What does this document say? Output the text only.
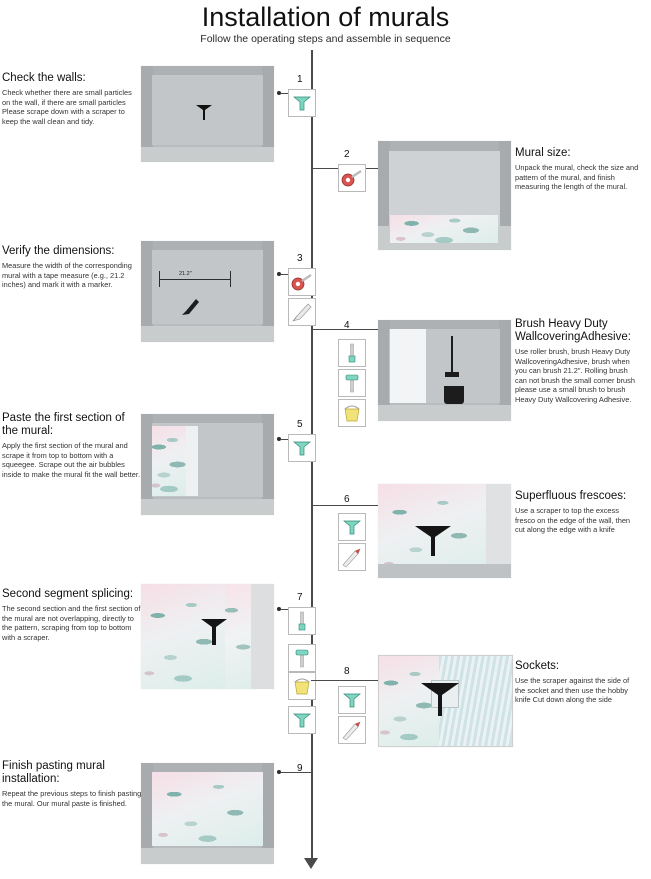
Installation of murals
Follow the operating steps and assemble in sequence
Check the walls:

Check whether there are small particles on the wall, if there are small particles Please scrape down with a scraper to keep the wall clean and tidy.

1
Mural size:

Unpack the mural, check the size and pattern of the mural, and finish measuring the length of the mural.

2
Verify the dimensions:

Measure the width of the corresponding mural with a tape measure (e.g., 21.2 inches) and mark it with a marker.

21.2"
3
Brush Heavy Duty WallcoveringAdhesive:

Use roller brush, brush Heavy Duty WallcoveringAdhesive, brush when you can brush 21.2". Rolling brush can not brush the small corner brush please use a small brush to brush Heavy Duty Wallcovering Adhesive.

4
Paste the first section of the mural:

Apply the first section of the mural and scrape it from top to bottom with a squeegee. Scrape out the air bubbles inside to make the mural fit the wall better.

5
Superfluous frescoes:

Use a scraper to top the excess fresco on the edge of the wall, then cut along the edge with a knife

6
Second segment splicing:

The second section and the first section of the mural are not overlapping, directly to the pattern, scraping from top to bottom with a scraper.

7
Sockets:

Use the scraper against the side of the socket and then use the hobby knife Cut down along the side

8
Finish pasting mural installation:

Repeat the previous steps to finish pasting the mural. Our mural paste is finished.

9
